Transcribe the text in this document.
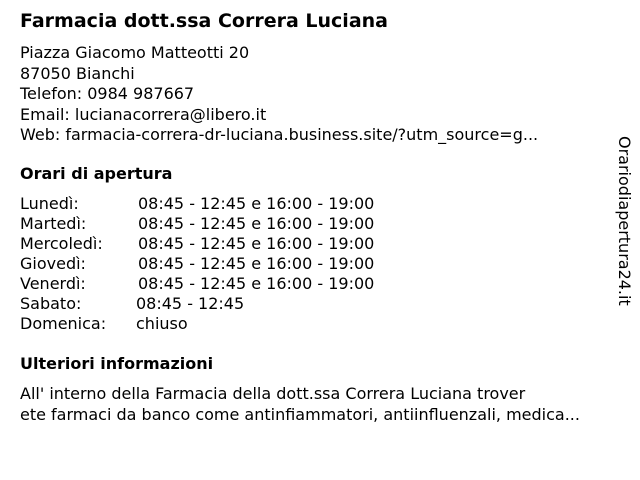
Farmacia dott.ssa Correra Luciana
Piazza Giacomo Matteotti 20
87050 Bianchi
Telefon: 0984 987667
Email: lucianacorrera@libero.it
Web: farmacia-correra-dr-luciana.business.site/?utm_source=g...
Orari di apertura
Lunedì:	08:45 - 12:45 e 16:00 - 19:00
Martedì:	08:45 - 12:45 e 16:00 - 19:00
Mercoledì: 08:45 - 12:45 e 16:00 - 19:00
Giovedì:	08:45 - 12:45 e 16:00 - 19:00
Venerdì:	08:45 - 12:45 e 16:00 - 19:00
Sabato:	08:45 - 12:45
Domenica: chiuso
Ulteriori informazioni
All' interno della Farmacia della dott.ssa Correra Luciana trover
ete farmaci da banco come antinfiammatori, antiinfluenzali, medica...
Orariodiapertura24.it
